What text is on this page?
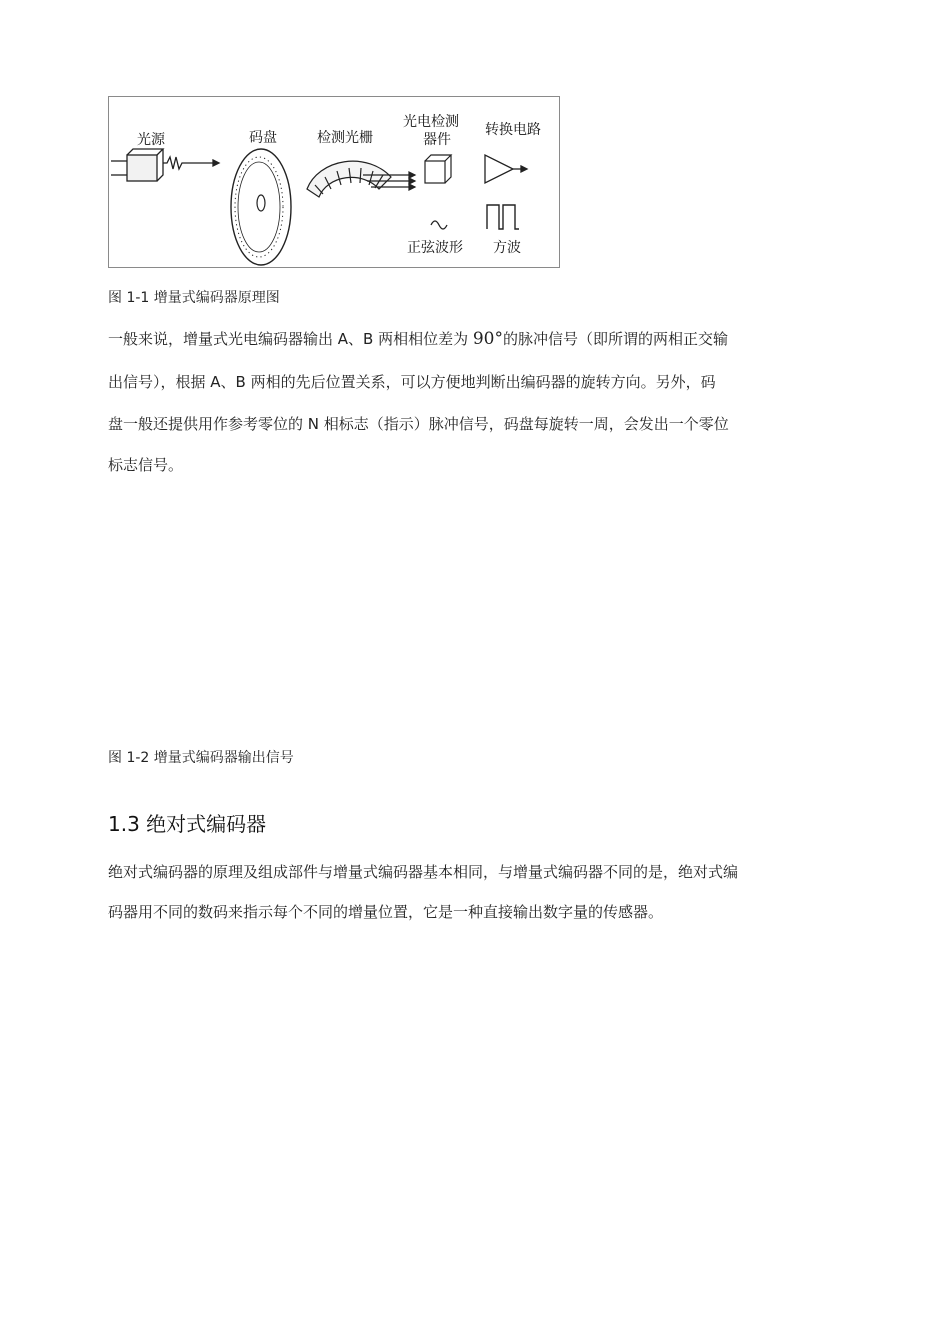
光源	码盘	检测光栅
光电检测
器件
转换电路
正弦波形 方波
图 1-1 增量式编码器原理图
一般来说，增量式光电编码器输出 A、B 两相相位差为 90°的脉冲信号（即所谓的两相正交输
出信号），根据 A、B 两相的先后位置关系，可以方便地判断出编码器的旋转方向。另外，码
盘一般还提供用作参考零位的 N 相标志（指示）脉冲信号，码盘每旋转一周，会发出一个零位
标志信号。
图 1-2 增量式编码器输出信号
1.3 绝对式编码器
绝对式编码器的原理及组成部件与增量式编码器基本相同，与增量式编码器不同的是，绝对式编
码器用不同的数码来指示每个不同的增量位置，它是一种直接输出数字量的传感器。
